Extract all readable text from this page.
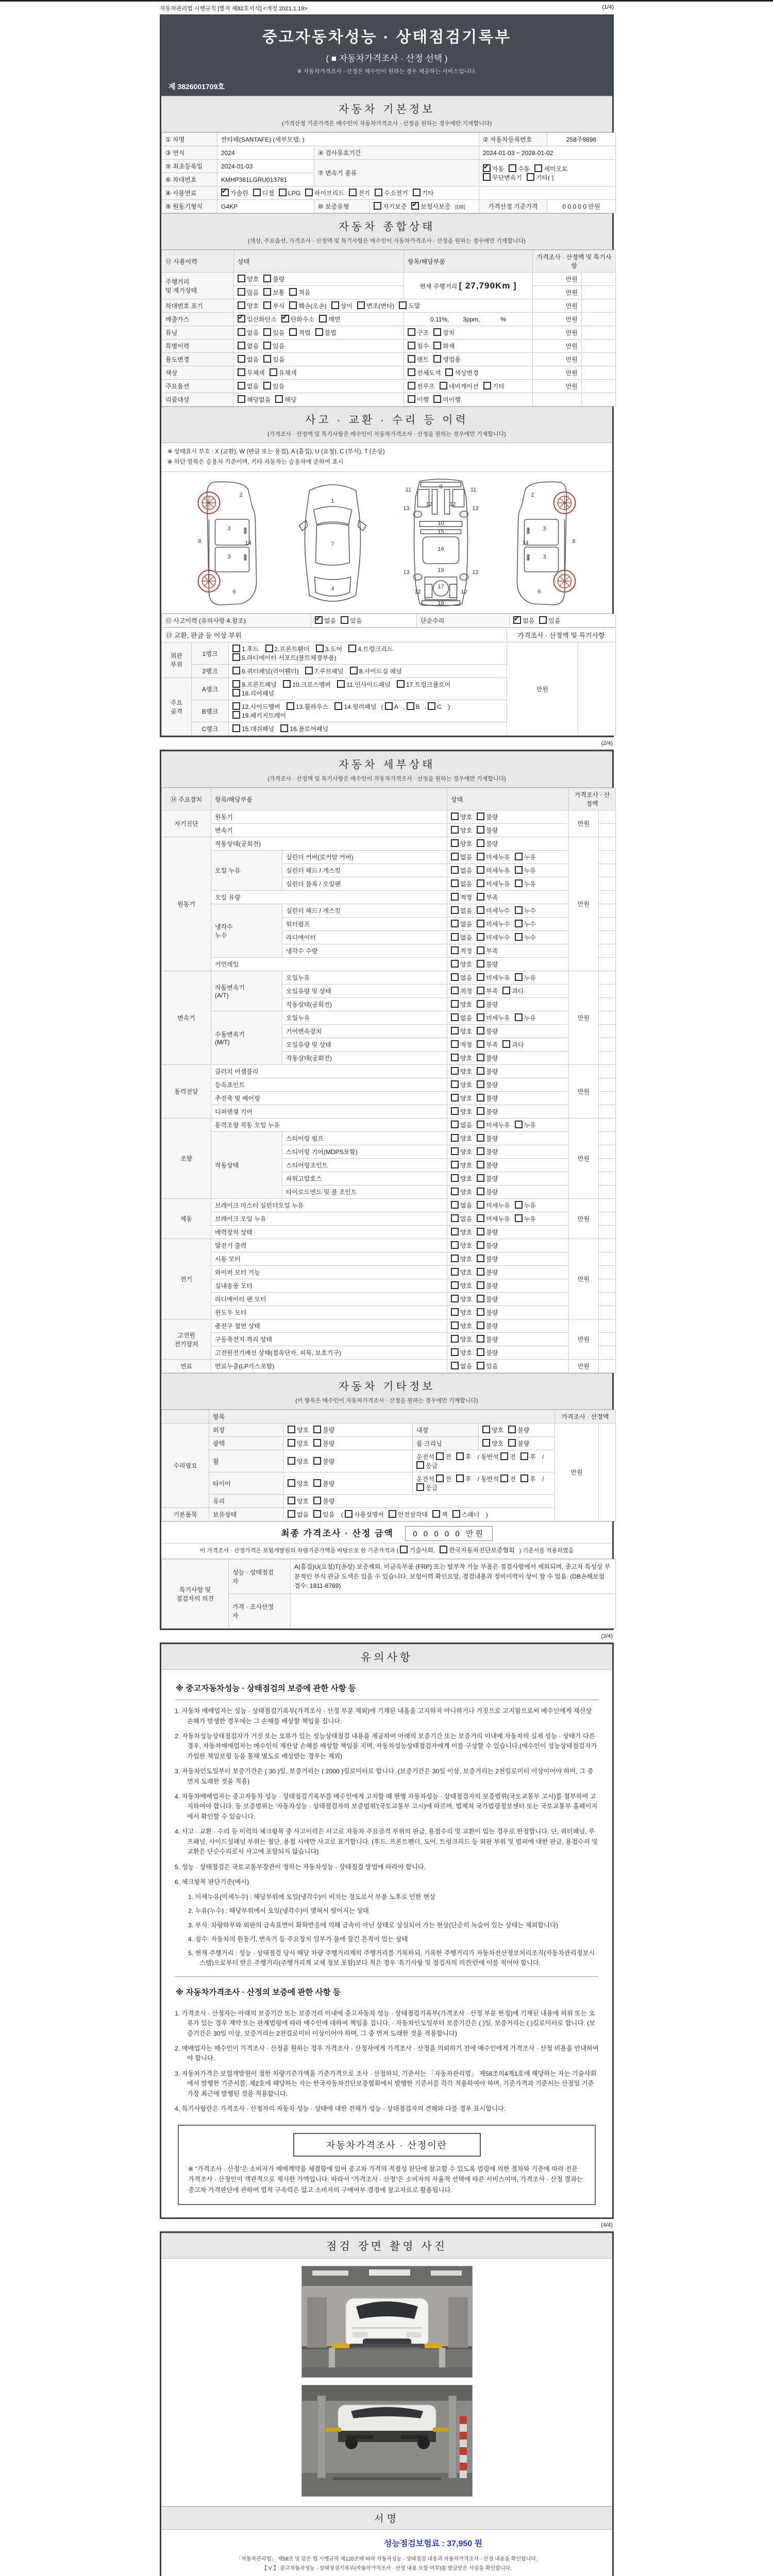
자동차관리법 시행규칙 [별지 제82호서식] <개정 2021.1.19>	(1/4)
중고자동차성능 · 상태점검기록부
( ■ 자동차가격조사 · 산정 선택 )
※ 자동차가격조사 · 산정은 매수인이 원하는 경우 제공하는 서비스입니다.
제 3826001709호
자동차 기본정보
(가격산정 기준가격은 매수인이 자동차가격조사 · 산정을 원하는 경우에만 기재합니다)
① 차명	싼타페(SANTAFE) (세부모델: )			② 자동차등록번호	258주9896
③ 연식	2024	④ 검사유효기간		2024-01-03 ~ 2028-01-02	
⑤ 최초등록일	2024-01-03	⑦ 변속기 종류	✔자동 수동 세미오토
무단변속기 기타( )
⑥ 차대번호	KMHP381LGRU013781				
⑧ 사용연료	✔가솔린 디젤 LPG 하이브리드 전기 수소전기 기타	
⑨ 원동기형식	G4KP	⑩ 보증유형	자기보증 ✔ 보험사보증 [DB]	가격산정 기준가격	0 0 0 0 0 만원
자동차 종합상태
(색상, 주요옵션, 가격조사 · 산정액 및 특기사항은 매수인이 자동차가격조사 · 산정을 원하는 경우에만 기재합니다)
⑪ 사용이력	상태	항목/해당부품	가격조사 · 산정액 및 특기사항	
주행거리
및 계기상태	양호 불량	현재 주행거리 [ 27,790Km ]	만원	
	많음 보통 적음		만원	
차대번호 표기	양호 부식 훼손(오손) 상이 변조(변타) 도말		만원	
배출가스	✔일산화탄소 ✔ 탄화수소 매연	0.11%,        3ppm,            %	만원	
튜닝	없음 있음 적법 불법	구조 장치	만원	
특별이력	없음 있음	침수 화재	만원	
용도변경	없음 있음	렌트 영업용	만원	
색상	무채색 유채색	전체도색 색상변경	만원	
주요옵션	없음 있음	썬루프 네비게이션 기타	만원	
리콜대상	해당없음 해당	이행 미이행		
사고 · 교환 · 수리 등 이력
(가격조사 · 산정액 및 특기사항은 매수인이 자동차가격조사 · 산정을 원하는 경우에만 기재합니다)
※ 상태표시 부호 : X (교환), W (판금 또는 용접), A (흠집), U (요철), C (부식), T (손상)
※ 하단 항목은 승용차 기준이며, 기타 자동차는 승용차에 준하여 표시
2
8
3
3
14
6
1
7
4
9
11	11
13	13
12	12
10
15
16
13	13
19
17
12	12
18
2
8
3
3
14
6
⑫ 사고이력 (유의사항 4.참조)	✔없음 있음	단순수리	✔없음 있음
⑬ 교환, 판금 등 이상 부위			가격조사 · 산정액 및 특기사항	
외판
부위	1랭크	1.후드 2.프론트휀더 3.도어 4.트렁크리드 5.라디에이터 서포트(볼트체결부품)	만원	
	2랭크	6.쿼터패널(리어휀더) 7.루브패널 8.사이드실 패널		
주요
골격	A랭크	9.프론트패널 10.크로스멤버 11.인사이드패널 17.트렁크플로어 18.리어패널		
	B랭크	12.사이드멤버 13.휠하우스 14.필러패널 ( A , B , C ) 19.패키지트레이		
	C랭크	15.대쉬패널 16.플로어패널		
(2/4)
자동차 세부상태
(가격조사 · 산정액 및 특기사항은 매수인이 자동차가격조사 · 산정을 원하는 경우에만 기재합니다)
⑭ 주요장치	항목/해당부품		상태	가격조사 · 산정액	
자기진단	원동기		양호 불량	만원	
	변속기		양호 불량		
원동기	작동상태(공회전)		양호 불량	만원	
	오일 누유	실린더 커버(로커암 커버)	없음 미세누유 누유		
		실린더 헤드 / 개스킷	없음 미세누유 누유		
		실린더 블록 / 오일팬	없음 미세누유 누유		
	오일 유량		적정 부족		
	냉각수
누수	실린더 헤드 / 개스킷	없음 미세누수 누수		
		워터펌프	없음 미세누수 누수		
		라디에이터	없음 미세누수 누수		
		냉각수 수량	적정 부족		
	커먼레일		양호 불량		
변속기	자동변속기
(A/T)	오일누유	없음 미세누유 누유	만원	
		오일유량 및 상태	적정 부족 과다		
		작동상태(공회전)	양호 불량		
	수동변속기
(M/T)	오일누유	없음 미세누유 누유		
		기어변속장치	양호 불량		
		오일유량 및 상태	적정 부족 과다		
		작동상태(공회전)	양호 불량		
동력전달	클러치 어셈블리		양호 불량	만원	
	등속죠인트		양호 불량		
	추진축 및 베어링		양호 불량		
	디퍼렌셜 기어		양호 불량		
조향	동력조향 작동 오일 누유		없음 미세누유 누유	만원	
	작동상태	스티어링 펌프	양호 불량		
		스티어링 기어(MDPS포함)	양호 불량		
		스티어링조인트	양호 불량		
		파워고압호스	양호 불량		
		타이로드엔드 및 볼 조인트	양호 불량		
제동	브레이크 마스터 실린더오일 누유		없음 미세누유 누유	만원	
	브레이크 오일 누유		없음 미세누유 누유		
	배력장치 상태		양호 불량		
전기	발전기 출력		양호 불량	만원	
	시동 모터		양호 불량		
	와이퍼 모터 기능		양호 불량		
	실내송풍 모터		양호 불량		
	라디에이터 팬 모터		양호 불량		
	윈도우 모터		양호 불량		
고전원
전기장치	충전구 절연 상태		양호 불량	만원	
	구동축전지 격리 상태		양호 불량		
	고전원전기배선 상태(접속단자, 피복, 보호기구)		양호 불량		
연료	연료누출(LP가스포함)		없음 있음	만원	
자동차 기타정보
(이 항목은 매수인이 자동차가격조사 · 산정을 원하는 경우에만 기재합니다)
	항목				가격조사 · 산정액	
수리필요	외장	양호 불량	내장	양호 불량	만원	
	광택	양호 불량	룸 크리닝	양호 불량		
	휠	양호 불량	운전석 전 후 / 동반석 전 후 / 응급			
	타이어	양호 불량	운전석 전 후 / 동반석 전 후 / 응급			
	유리	양호 불량				
기본품목	보유상태	없음 있음 ( 사용설명서 안전삼각대 잭 스패너 )				
최종 가격조사 · 산정 금액 0 0 0 0 0 만원
이 가격조사 · 산정가격은 보험개발원의 차량기준가액을 바탕으로 한 기준가격과 ( 기술사회, 한국자동차진단보증협회 ) 기준서를 적용하였음
특기사항 및
점검자의 의견	성능 · 상태점검
자	A(흠집)U(요철)T(손상) 보증제외, 비금속부품 (FRP) 또는 탈부착 가능 부품은 점검사항에서 제외되며, 중고차 특성상 부분적인 부식 판금 도색은 있을 수 있습니다. 보험이력 확인요망, 점검내용과 정비이력이 상이 할 수 있음. (DB손해보험 접수: 1811-8769)
	가격 · 조사산정
자	
(3/4)
유의사항
※ 중고자동차성능 · 상태점검의 보증에 관한 사항 등
1. 자동차 매매업자는 성능 · 상태점검기록부(가격조사 · 산정 부분 제외)에 기재된 내용을 고지하지 아니하거나 거짓으로 고지함으로써 매수인에게 재산상 손해가 발생한 경우에는 그 손해를 배상할 책임을 집니다.
2. 자동차성능상태점검자가 거짓 또는 오류가 있는 성능상태점검 내용을 제공하여 아래의 보증기간 또는 보증거리 이내에 자동차의 실제 성능 · 상태가 다른 경우, 자동차매매업자는 매수인의 재산상 손해를 배상할 책임을 지며, 자동차성능상태점검자에게 이를 구상할 수 있습니다.(매수인이 성능상태점검자가 가입한 책임보험 등을 통해 별도로 배상받는 경우는 제외)
3. 자동차인도일부터 보증기간은 ( 30 )일, 보증거리는 ( 2000 )킬로미터로 합니다. (보증기간은 30일 이상, 보증거리는 2천킬로미터 이상이어야 하며, 그 중 먼저 도래한 것을 적용)
4. 자동차매매업자는 중고자동차 성능 · 상태점검기록부를 매수인에게 고지할 때 현행 자동차성능 · 상태점검자의 보증범위(국토교통부 고시)를 첨부하여 고지하여야 합니다. 동 보증범위는 '자동차성능 · 상태점검자의 보증범위'(국토교통부 고시)에 따르며, 법제처 국가법령정보센터 또는 국토교통부 홈페이지에서 확인할 수 있습니다.
4. 사고 · 교환 · 수리 등 이력의 체크항목 중 사고이력은 사고로 자동차 주요골격 부위의 판금, 용접수리 및 교환이 있는 경우로 한정합니다. 단, 쿼터패널, 루프패널, 사이드실패널 부위는 절단, 용접 시에만 사고로 표기합니다. (후드, 프론트펜더, 도어, 트렁크리드 등 외판 부위 및 범퍼에 대한 판금, 용접수리 및 교환은 단순수리로서 사고에 포함되지 않습니다)
5. 성능 · 상태점검은 국토교통부장관이 정하는 자동차성능 · 상태점검 방법에 따라야 합니다.
6. 체크항목 판단기준(예시)
1. 미세누유(미세누수) : 해당부위에 오일(냉각수)이 비치는 정도로서 부품 노후로 인한 현상
2. 누유(누수) : 해당부위에서 오일(냉각수)이 맺혀서 떨어지는 상태
3. 부식: 차량하부와 외판의 금속표면이 화학반응에 의해 금속이 아닌 상태로 상실되어 가는 현상(단순히 녹슬어 있는 상태는 제외합니다)
4. 침수: 자동차의 원동기, 변속기 등 주요장치 일부가 물에 잠긴 흔적이 있는 상태
5. 현재 주행거리 : 성능 · 상태점검 당시 해당 차량 주행거리계의 주행거리를 기록하되, 기록한 주행거리가 자동차전산정보처리조직(자동차관리정보시스템)으로부터 받은 주행거리(주행거리계 교체 정보 포함)보다 적은 경우 '특기사항 및 점검자의 의견'란에 이를 적어야 합니다.
※ 자동차가격조사 · 산정의 보증에 관한 사항 등
1. 가격조사 · 산정자는 아래의 보증기간 또는 보증거리 이내에 중고자동차 성능 · 상태점검기록부(가격조사 · 산정 부분 한정)에 기재된 내용에 허위 또는 오류가 있는 경우 계약 또는 관계법령에 따라 매수인에 대하여 책임을 집니다. · 자동차인도일부터 보증기간은 ( )일, 보증거리는 ( )킬로미터로 합니다. (보증기간은 30일 이상, 보증거리는 2천킬로미터 이상이어야 하며, 그 중 먼저 도래한 것을 적용합니다)
2. 매매업자는 매수인이 가격조사 · 산정을 원하는 경우 가격조사 · 산정자에게 가격조사 · 산정을 의뢰하기 전에 매수인에게 가격조사 · 산정 비용을 안내하여야 합니다.
3. 자동차가격은 보험개발원이 정한 차량기준가액을 기준가격으로 조사 · 산정하되, 기준서는 「자동차관리법」 제58조의4제1호에 해당하는 자는 기술사회에서 발행한 기준서를, 제2호에 해당하는 자는 한국자동차진단보증협회에서 발행한 기준서를 각각 적용하여야 하며, 기준가격과 기준서는 산정일 기준 가장 최근에 발행된 것을 적용합니다.
4. 특기사항란은 가격조사 · 산정자의 자동차 성능 · 상태에 대한 견해가 성능 · 상태점검자의 견해와 다를 경우 표시합니다.
자동차가격조사 · 산정이란
※ “가격조사 · 산정”은 소비자가 매매계약을 체결함에 있어 중고차 가격의 적절성 판단에 참고할 수 있도록 법령에 의한 절차와 기준에 따라 전문 가격조사 · 산정인이 객관적으로 제시한 가액입니다. 따라서 “가격조사 · 산정”은 소비자의 자율적 선택에 따른 서비스이며, 가격조사 · 산정 결과는 중고차 가격판단에 관하여 법적 구속력은 없고 소비자의 구매여부 결정에 참고자료로 활용됩니다.
(4/4)
점검 장면 촬영 사진
서명
성능점검보험료 : 37,950 원
「자동차관리법」 제58조 및 같은 법 시행규칙 제120조에 따라 자동차성능 · 상태점검 내용과 자동차가격조사 · 산정 내용을 확인합니다.
【 Ⅴ 】 중고자동차성능 · 상태점검기록부(자동차가격조사 · 산정 내용 포함 여부)를 발급받은 사실을 확인합니다.
